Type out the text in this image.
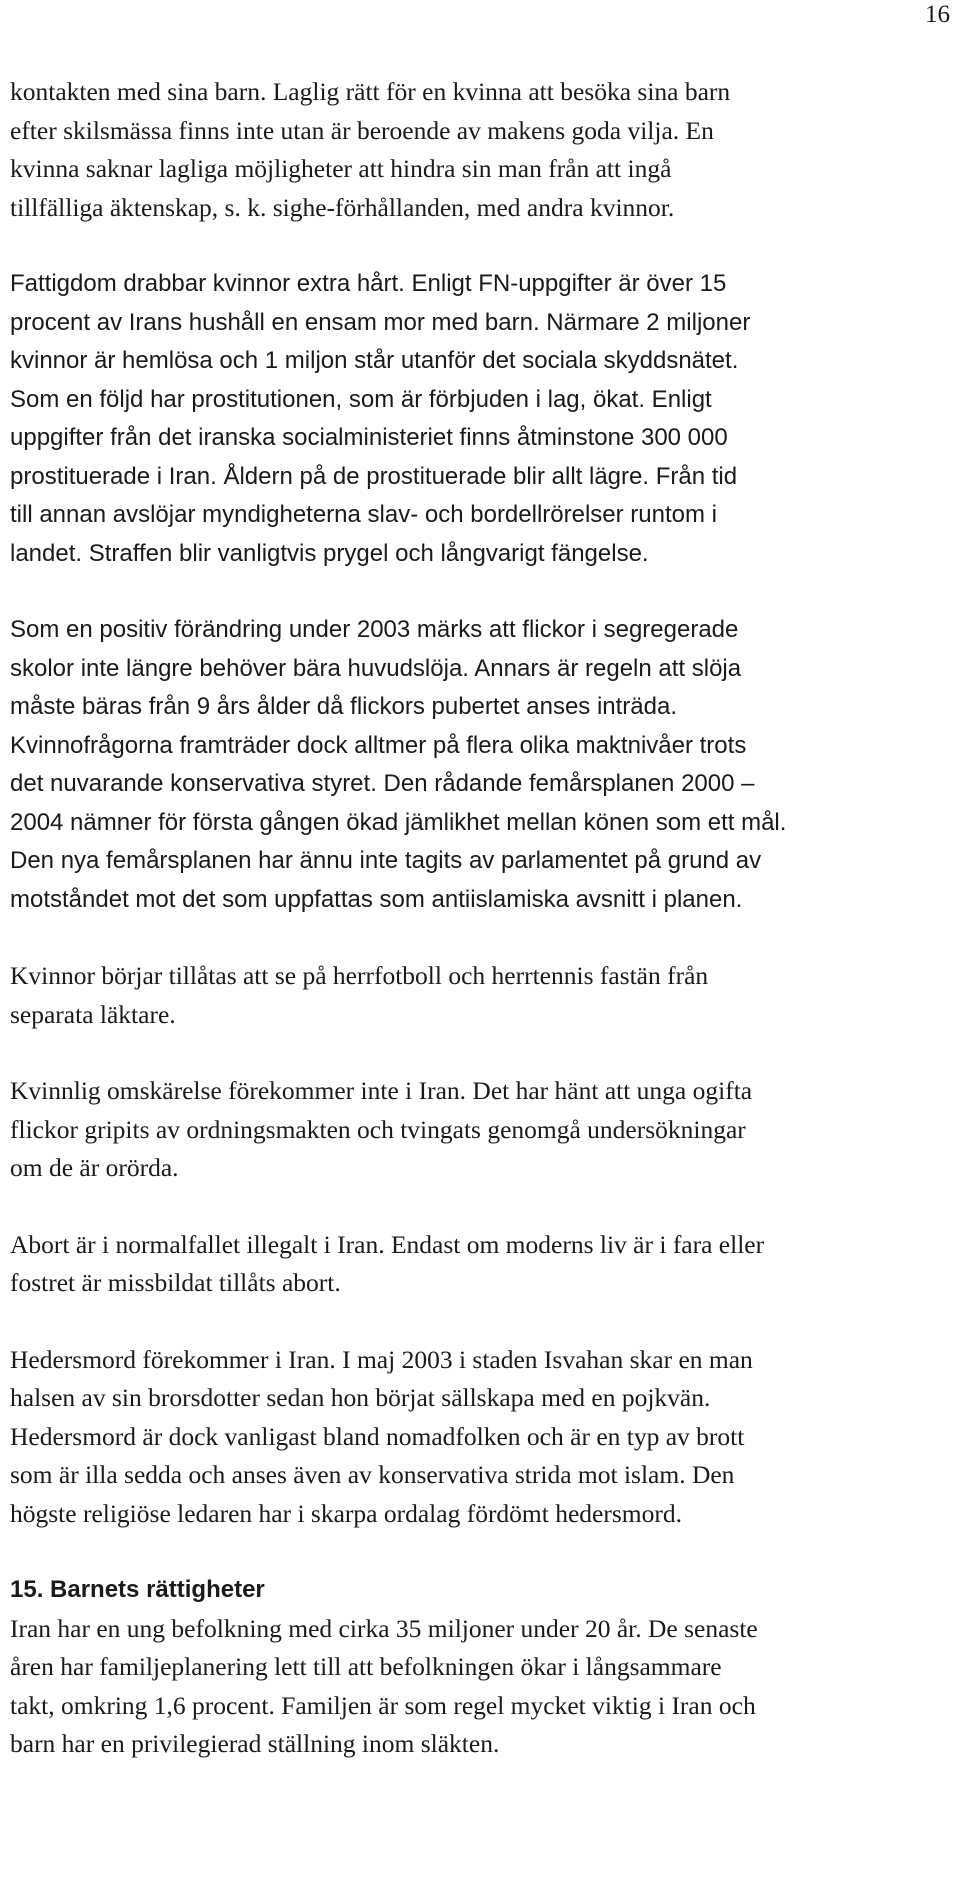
16
kontakten med sina barn. Laglig rätt för en kvinna att besöka sina barn
efter skilsmässa finns inte utan är beroende av makens goda vilja. En
kvinna saknar lagliga möjligheter att hindra sin man från att ingå
tillfälliga äktenskap, s. k. sighe-förhållanden, med andra kvinnor.
Fattigdom drabbar kvinnor extra hårt. Enligt FN-uppgifter är över 15
procent av Irans hushåll en ensam mor med barn. Närmare 2 miljoner
kvinnor är hemlösa och 1 miljon står utanför det sociala skyddsnätet.
Som en följd har prostitutionen, som är förbjuden i lag, ökat. Enligt
uppgifter från det iranska socialministeriet finns åtminstone 300 000
prostituerade i Iran. Åldern på de prostituerade blir allt lägre. Från tid
till annan avslöjar myndigheterna slav- och bordellrörelser runtom i
landet. Straffen blir vanligtvis prygel och långvarigt fängelse.
Som en positiv förändring under 2003 märks att flickor i segregerade
skolor inte längre behöver bära huvudslöja. Annars är regeln att slöja
måste bäras från 9 års ålder då flickors pubertet anses inträda.
Kvinnofrågorna framträder dock alltmer på flera olika maktnivåer trots
det nuvarande konservativa styret. Den rådande femårsplanen 2000 –
2004 nämner för första gången ökad jämlikhet mellan könen som ett mål.
Den nya femårsplanen har ännu inte tagits av parlamentet på grund av
motståndet mot det som uppfattas som antiislamiska avsnitt i planen.
Kvinnor börjar tillåtas att se på herrfotboll och herrtennis fastän från
separata läktare.
Kvinnlig omskärelse förekommer inte i Iran. Det har hänt att unga ogifta
flickor gripits av ordningsmakten och tvingats genomgå undersökningar
om de är orörda.
Abort är i normalfallet illegalt i Iran. Endast om moderns liv är i fara eller
fostret är missbildat tillåts abort.
Hedersmord förekommer i Iran. I maj 2003 i staden Isvahan skar en man
halsen av sin brorsdotter sedan hon börjat sällskapa med en pojkvän.
Hedersmord är dock vanligast bland nomadfolken och är en typ av brott
som är illa sedda och anses även av konservativa strida mot islam. Den
högste religiöse ledaren har i skarpa ordalag fördömt hedersmord.
15. Barnets rättigheter
Iran har en ung befolkning med cirka 35 miljoner under 20 år. De senaste
åren har familjeplanering lett till att befolkningen ökar i långsammare
takt, omkring 1,6 procent. Familjen är som regel mycket viktig i Iran och
barn har en privilegierad ställning inom släkten.
